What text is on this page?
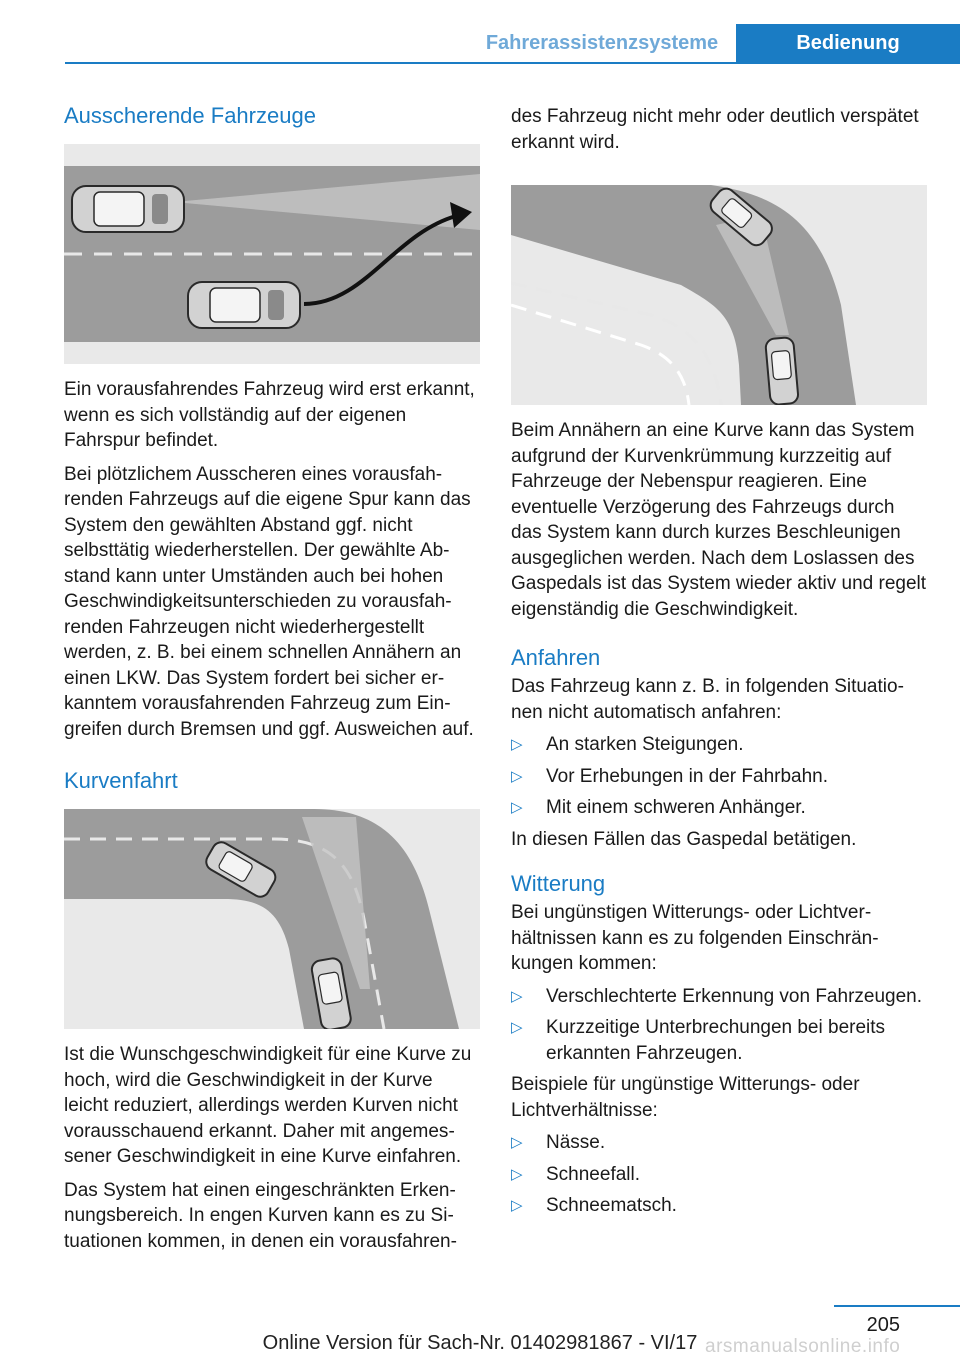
Fahrerassistenzsysteme	Bedienung
Ausscherende Fahrzeuge

Ein vorausfahrendes Fahrzeug wird erst erkannt, wenn es sich vollständig auf der eigenen Fahrspur befindet.

Bei plötzlichem Ausscheren eines vorausfahrenden Fahrzeugs auf die eigene Spur kann das System den gewählten Abstand ggf. nicht selbsttätig wiederherstellen. Der gewählte Abstand kann unter Umständen auch bei hohen Geschwindigkeitsunterschieden zu vorausfahrenden Fahrzeugen nicht wiederhergestellt werden, z. B. bei einem schnellen Annähern an einen LKW. Das System fordert bei sicher erkanntem vorausfahrenden Fahrzeug zum Eingreifen durch Bremsen und ggf. Ausweichen auf.

Kurvenfahrt

Ist die Wunschgeschwindigkeit für eine Kurve zu hoch, wird die Geschwindigkeit in der Kurve leicht reduziert, allerdings werden Kurven nicht vorausschauend erkannt. Daher mit angemessener Geschwindigkeit in eine Kurve einfahren.

Das System hat einen eingeschränkten Erkennungsbereich. In engen Kurven kann es zu Situationen kommen, in denen ein vorausfahren-

des Fahrzeug nicht mehr oder deutlich verspätet erkannt wird.

Beim Annähern an eine Kurve kann das System aufgrund der Kurvenkrümmung kurzzeitig auf Fahrzeuge der Nebenspur reagieren. Eine eventuelle Verzögerung des Fahrzeugs durch das System kann durch kurzes Beschleunigen ausgeglichen werden. Nach dem Loslassen des Gaspedals ist das System wieder aktiv und regelt eigenständig die Geschwindigkeit.

Anfahren

Das Fahrzeug kann z. B. in folgenden Situationen nicht automatisch anfahren:

▷ An starken Steigungen.
▷ Vor Erhebungen in der Fahrbahn.
▷ Mit einem schweren Anhänger.

In diesen Fällen das Gaspedal betätigen.

Witterung

Bei ungünstigen Witterungs- oder Lichtverhältnissen kann es zu folgenden Einschränkungen kommen:

▷ Verschlechterte Erkennung von Fahrzeugen.
▷ Kurzzeitige Unterbrechungen bei bereits erkannten Fahrzeugen.

Beispiele für ungünstige Witterungs- oder Lichtverhältnisse:

▷ Nässe.
▷ Schneefall.
▷ Schneematsch.
205
arsmanualsonline.info
Online Version für Sach-Nr. 01402981867 - VI/17
